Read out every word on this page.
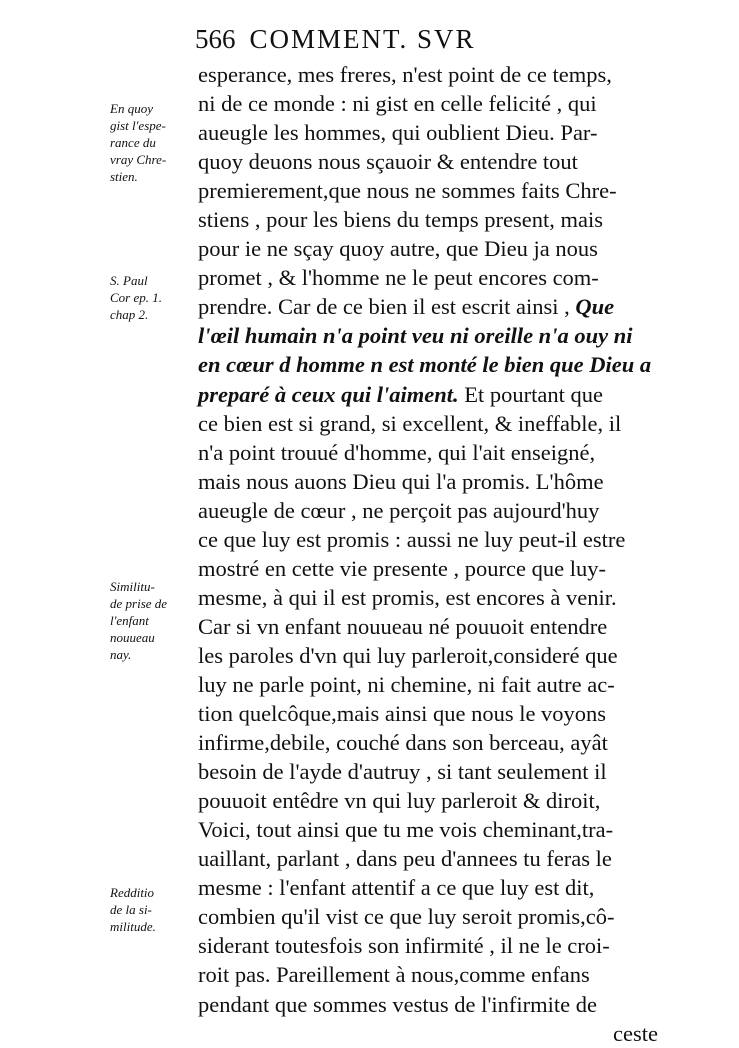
566 COMMENT. SVR
En quoy
gist l'espe-
rance du
vray Chre-
stien.
S. Paul
Cor ep. 1.
chap 2.
Similitu-
de prise de
l'enfant
nouueau
nay.
Redditio
de la si-
militude.
esperance, mes freres, n'est point de ce temps,
ni de ce monde : ni gist en celle felicité , qui
aueugle les hommes, qui oublient Dieu. Par-
quoy deuons nous sçauoir & entendre tout
premierement,que nous ne sommes faits Chre-
stiens , pour les biens du temps present, mais
pour ie ne sçay quoy autre, que Dieu ja nous
promet , & l'homme ne le peut encores com-
prendre. Car de ce bien il est escrit ainsi , Que
l'œil humain n'a point veu ni oreille n'a ouy ni
en cœur d homme n est monté le bien que Dieu a
preparé à ceux qui l'aiment. Et pourtant que
ce bien est si grand, si excellent, & ineffable, il
n'a point trouué d'homme, qui l'ait enseigné,
mais nous auons Dieu qui l'a promis. L'hôme
aueugle de cœur , ne perçoit pas aujourd'huy
ce que luy est promis : aussi ne luy peut-il estre
mostré en cette vie presente , pource que luy-
mesme, à qui il est promis, est encores à venir.
Car si vn enfant nouueau né pouuoit entendre
les paroles d'vn qui luy parleroit,consideré que
luy ne parle point, ni chemine, ni fait autre ac-
tion quelcôque,mais ainsi que nous le voyons
infirme,debile, couché dans son berceau, ayât
besoin de l'ayde d'autruy , si tant seulement il
pouuoit entêdre vn qui luy parleroit & diroit,
Voici, tout ainsi que tu me vois cheminant,tra-
uaillant, parlant , dans peu d'annees tu feras le
mesme : l'enfant attentif a ce que luy est dit,
combien qu'il vist ce que luy seroit promis,cô-
siderant toutesfois son infirmité , il ne le croi-
roit pas. Pareillement à nous,comme enfans
pendant que sommes vestus de l'infirmite de
ceste
